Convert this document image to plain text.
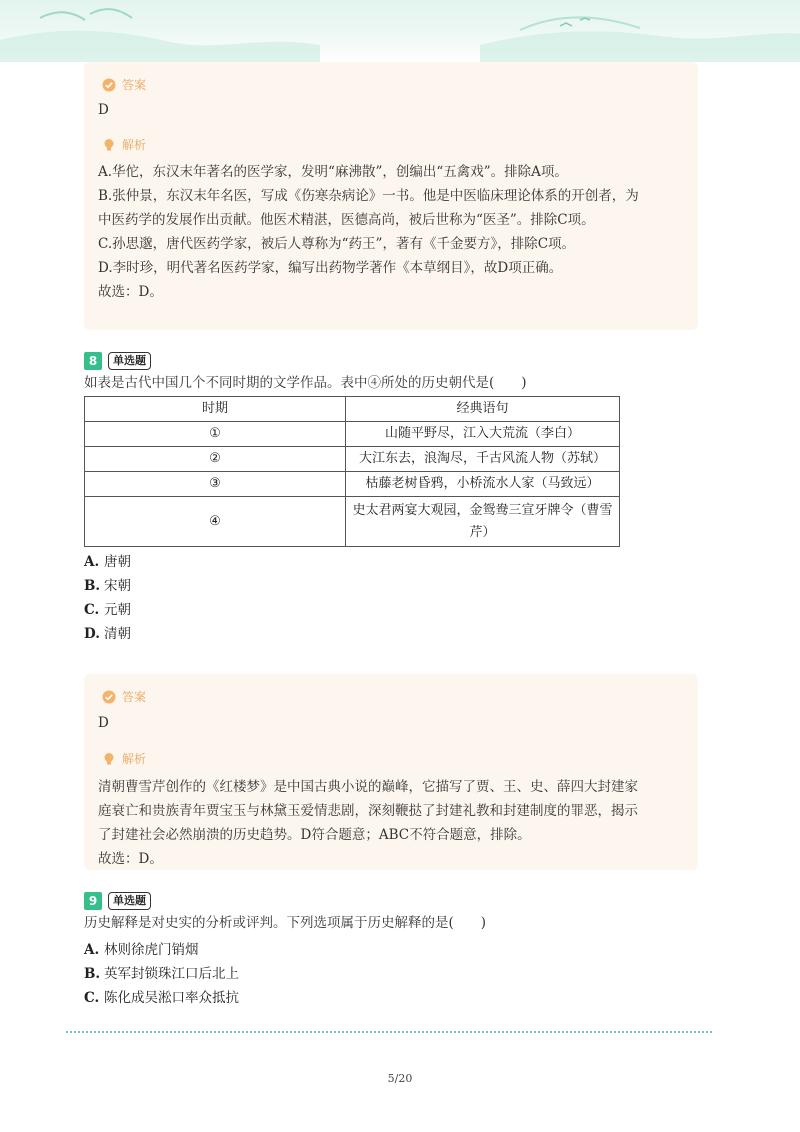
答案
D
解析
A.华佗，东汉末年著名的医学家，发明“麻沸散”，创编出“五禽戏”。排除A项。
B.张仲景，东汉末年名医，写成《伤寒杂病论》一书。他是中医临床理论体系的开创者，为
中医药学的发展作出贡献。他医术精湛，医德高尚，被后世称为“医圣”。排除C项。
C.孙思邈，唐代医药学家，被后人尊称为“药王”，著有《千金要方》，排除C项。
D.李时珍，明代著名医药学家，编写出药物学著作《本草纲目》，故D项正确。
故选：D。
8	单选题
如表是古代中国几个不同时期的文学作品。表中④所处的历史朝代是(　　)
时期	经典语句
①	山随平野尽，江入大荒流（李白）
②	大江东去，浪淘尽，千古风流人物（苏轼）
③	枯藤老树昏鸦，小桥流水人家（马致远）
④	史太君两宴大观园，金鸳鸯三宣牙牌令（曹雪芹）
A. 唐朝
B. 宋朝
C. 元朝
D. 清朝
答案
D
解析
清朝曹雪芹创作的《红楼梦》是中国古典小说的巅峰，它描写了贾、王、史、薛四大封建家
庭衰亡和贵族青年贾宝玉与林黛玉爱情悲剧，深刻鞭挞了封建礼教和封建制度的罪恶，揭示
了封建社会必然崩溃的历史趋势。D符合题意；ABC不符合题意，排除。
故选：D。
9	单选题
历史解释是对史实的分析或评判。下列选项属于历史解释的是(　　)
A. 林则徐虎门销烟
B. 英军封锁珠江口后北上
C. 陈化成吴淞口率众抵抗
5/20
